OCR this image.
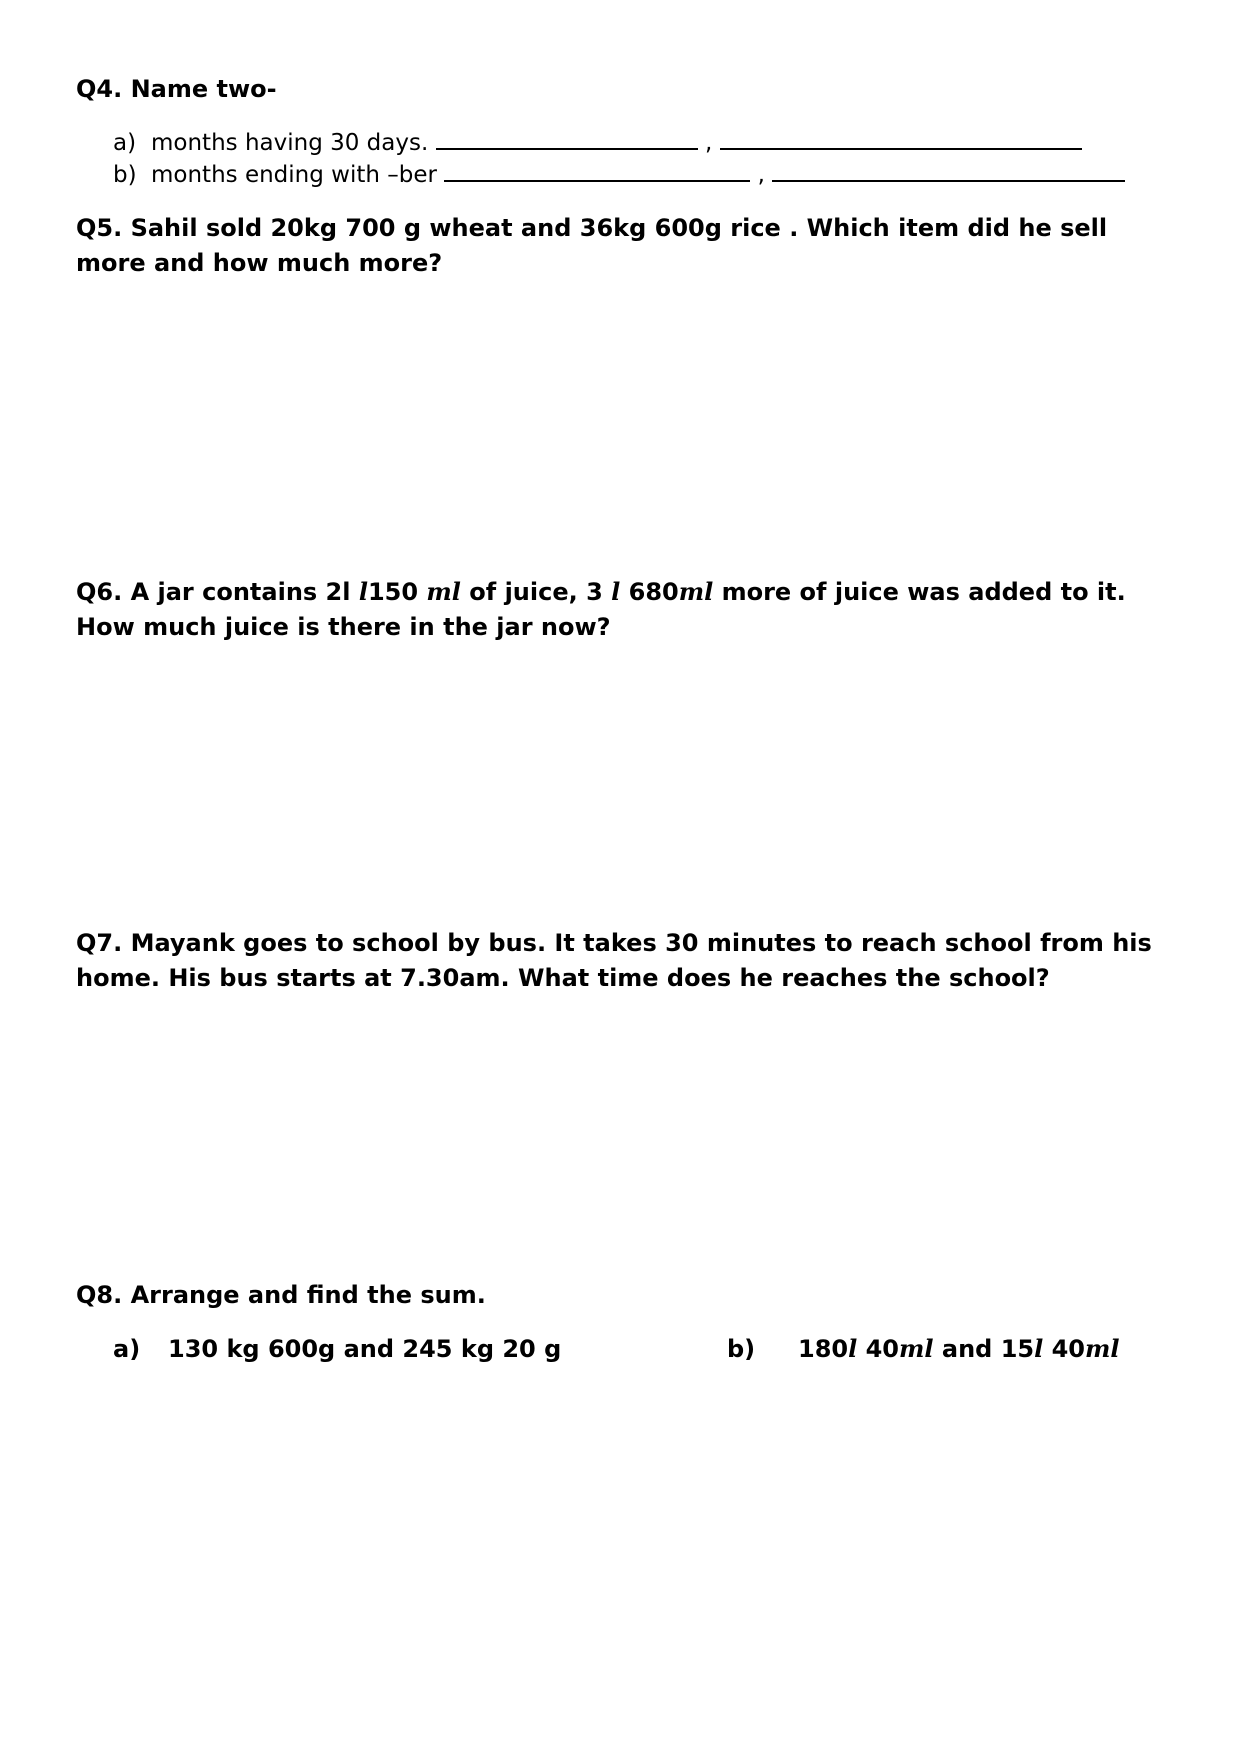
Q4. Name two-
a) months having 30 days.	,
b) months ending with –ber	,
Q5. Sahil sold 20kg 700 g wheat and 36kg 600g rice . Which item did he sell
more and how much more?
Q6. A jar contains 2l l150 ml of juice, 3 l 680ml more of juice was added to it.
How much juice is there in the jar now?
Q7. Mayank goes to school by bus. It takes 30 minutes to reach school from his
home. His bus starts at 7.30am. What time does he reaches the school?
Q8. Arrange and find the sum.
a) 130 kg 600g and 245 kg 20 g	b) 180l 40ml and 15l 40ml
